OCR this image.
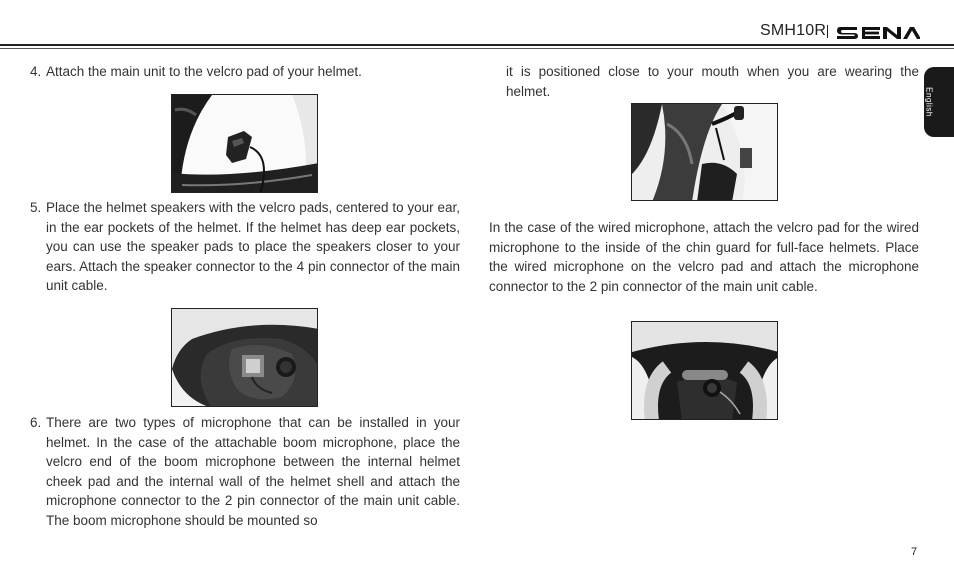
SMH10R
English
4. Attach the main unit to the velcro pad of your helmet.
5. Place the helmet speakers with the velcro pads, centered to your ear, in the ear pockets of the helmet. If the helmet has deep ear pockets, you can use the speaker pads to place the speakers closer to your ears. Attach the speaker connector to the 4 pin connector of the main unit cable.
6. There are two types of microphone that can be installed in your helmet. In the case of the attachable boom microphone, place the velcro end of the boom microphone between the internal helmet cheek pad and the internal wall of the helmet shell and attach the microphone connector to the 2 pin connector of the main unit cable. The boom microphone should be mounted so
it is positioned close to your mouth when you are wearing the helmet.
In the case of the wired microphone, attach the velcro pad for the wired microphone to the inside of the chin guard for full-face helmets. Place the wired microphone on the velcro pad and attach the microphone connector to the 2 pin connector of the main unit cable.
7
